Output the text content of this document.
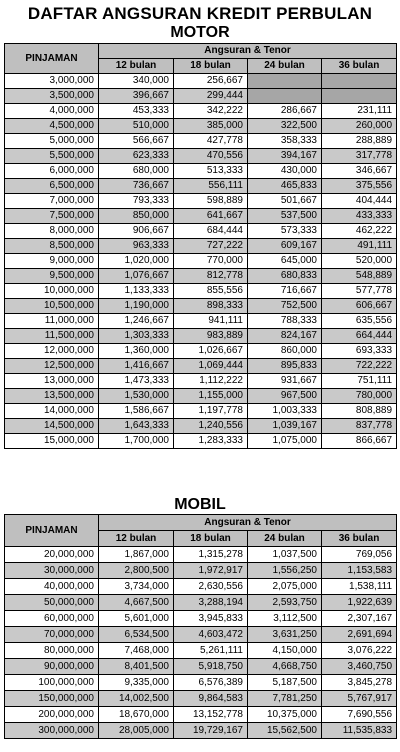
DAFTAR ANGSURAN KREDIT PERBULAN
MOTOR
PINJAMAN	Angsuran & Tenor			
	12 bulan	18 bulan	24 bulan	36 bulan
3,000,000	340,000	256,667		
3,500,000	396,667	299,444		
4,000,000	453,333	342,222	286,667	231,111
4,500,000	510,000	385,000	322,500	260,000
5,000,000	566,667	427,778	358,333	288,889
5,500,000	623,333	470,556	394,167	317,778
6,000,000	680,000	513,333	430,000	346,667
6,500,000	736,667	556,111	465,833	375,556
7,000,000	793,333	598,889	501,667	404,444
7,500,000	850,000	641,667	537,500	433,333
8,000,000	906,667	684,444	573,333	462,222
8,500,000	963,333	727,222	609,167	491,111
9,000,000	1,020,000	770,000	645,000	520,000
9,500,000	1,076,667	812,778	680,833	548,889
10,000,000	1,133,333	855,556	716,667	577,778
10,500,000	1,190,000	898,333	752,500	606,667
11,000,000	1,246,667	941,111	788,333	635,556
11,500,000	1,303,333	983,889	824,167	664,444
12,000,000	1,360,000	1,026,667	860,000	693,333
12,500,000	1,416,667	1,069,444	895,833	722,222
13,000,000	1,473,333	1,112,222	931,667	751,111
13,500,000	1,530,000	1,155,000	967,500	780,000
14,000,000	1,586,667	1,197,778	1,003,333	808,889
14,500,000	1,643,333	1,240,556	1,039,167	837,778
15,000,000	1,700,000	1,283,333	1,075,000	866,667
MOBIL
PINJAMAN	Angsuran & Tenor			
	12 bulan	18 bulan	24 bulan	36 bulan
20,000,000	1,867,000	1,315,278	1,037,500	769,056
30,000,000	2,800,500	1,972,917	1,556,250	1,153,583
40,000,000	3,734,000	2,630,556	2,075,000	1,538,111
50,000,000	4,667,500	3,288,194	2,593,750	1,922,639
60,000,000	5,601,000	3,945,833	3,112,500	2,307,167
70,000,000	6,534,500	4,603,472	3,631,250	2,691,694
80,000,000	7,468,000	5,261,111	4,150,000	3,076,222
90,000,000	8,401,500	5,918,750	4,668,750	3,460,750
100,000,000	9,335,000	6,576,389	5,187,500	3,845,278
150,000,000	14,002,500	9,864,583	7,781,250	5,767,917
200,000,000	18,670,000	13,152,778	10,375,000	7,690,556
300,000,000	28,005,000	19,729,167	15,562,500	11,535,833
